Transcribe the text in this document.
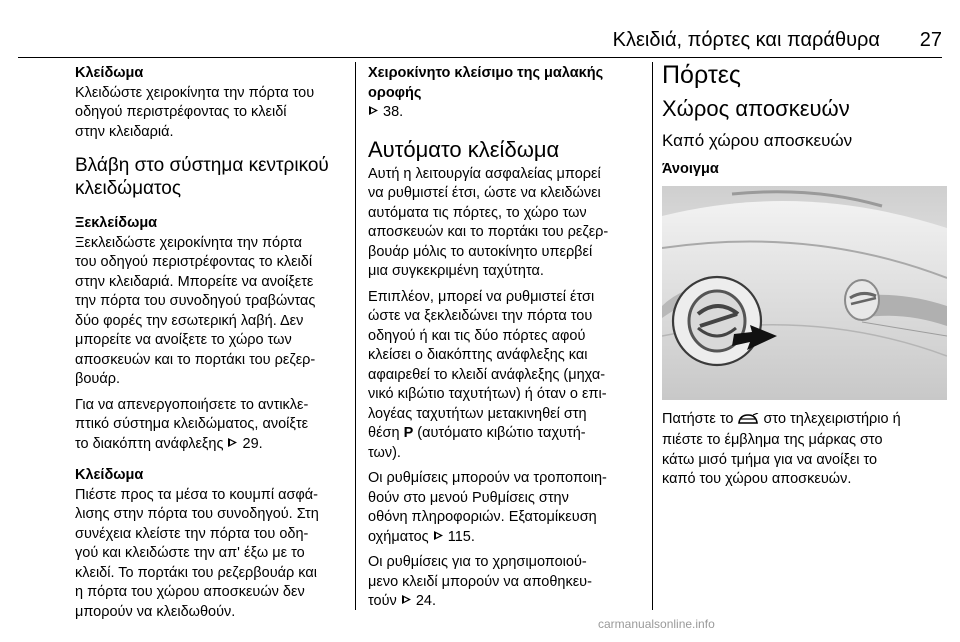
Κλειδιά, πόρτες και παράθυρα	27

Κλείδωμα

Κλειδώστε χειροκίνητα την πόρτα του

οδηγού περιστρέφοντας το κλειδί

στην κλειδαριά.

Βλάβη στο σύστημα κεντρικού

κλειδώματος

Ξεκλείδωμα

Ξεκλειδώστε χειροκίνητα την πόρτα

του οδηγού περιστρέφοντας το κλειδί

στην κλειδαριά. Μπορείτε να ανοίξετε

την πόρτα του συνοδηγού τραβώντας

δύο φορές την εσωτερική λαβή. Δεν

μπορείτε να ανοίξετε το χώρο των

αποσκευών και το πορτάκι του ρεζερ-

βουάρ.

Για να απενεργοποιήσετε το αντικλε-

πτικό σύστημα κλειδώματος, ανοίξτε

το διακόπτη ανάφλεξης 29.

Κλείδωμα

Πιέστε προς τα μέσα το κουμπί ασφά-

λισης στην πόρτα του συνοδηγού. Στη

συνέχεια κλείστε την πόρτα του οδη-

γού και κλειδώστε την απ' έξω με το

κλειδί. Το πορτάκι του ρεζερβουάρ και

η πόρτα του χώρου αποσκευών δεν

μπορούν να κλειδωθούν.

Χειροκίνητο κλείσιμο της μαλακής

οροφής

38.

Αυτόματο κλείδωμα

Αυτή η λειτουργία ασφαλείας μπορεί

να ρυθμιστεί έτσι, ώστε να κλειδώνει

αυτόματα τις πόρτες, το χώρο των

αποσκευών και το πορτάκι του ρεζερ-

βουάρ μόλις το αυτοκίνητο υπερβεί

μια συγκεκριμένη ταχύτητα.

Επιπλέον, μπορεί να ρυθμιστεί έτσι

ώστε να ξεκλειδώνει την πόρτα του

οδηγού ή και τις δύο πόρτες αφού

κλείσει ο διακόπτης ανάφλεξης και

αφαιρεθεί το κλειδί ανάφλεξης (μηχα-

νικό κιβώτιο ταχυτήτων) ή όταν ο επι-

λογέας ταχυτήτων μετακινηθεί στη

θέση P (αυτόματο κιβώτιο ταχυτή-

των).

Οι ρυθμίσεις μπορούν να τροποποιη-

θούν στο μενού Ρυθμίσεις στην

οθόνη πληροφοριών. Εξατομίκευση

οχήματος 115.

Οι ρυθμίσεις για το χρησιμοποιού-

μενο κλειδί μπορούν να αποθηκευ-

τούν 24.

Πόρτες

Χώρος αποσκευών

Καπό χώρου αποσκευών

Άνοιγμα

Πατήστε το στο τηλεχειριστήριο ή

πιέστε το έμβλημα της μάρκας στο

κάτω μισό τμήμα για να ανοίξει το

καπό του χώρου αποσκευών.

carmanualsonline.info
